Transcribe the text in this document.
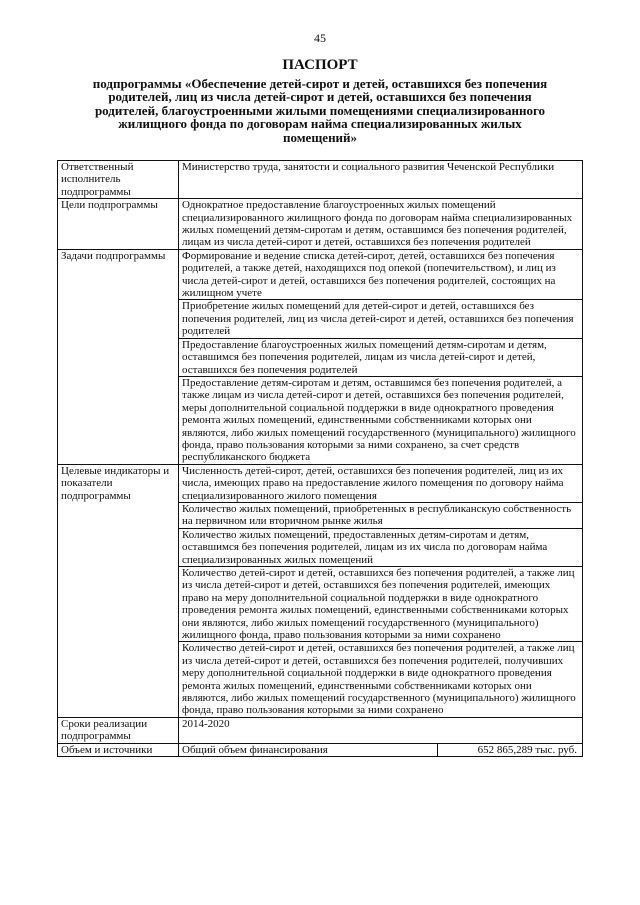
45
ПАСПОРТ
подпрограммы «Обеспечение детей-сирот и детей, оставшихся без попечения родителей, лиц из числа детей-сирот и детей, оставшихся без попечения родителей, благоустроенными жилыми помещениями специализированного жилищного фонда по договорам найма специализированных жилых помещений»
Ответственный исполнитель подпрограммы	Министерство труда, занятости и социального развития Чеченской Республики
Цели подпрограммы	Однократное предоставление благоустроенных жилых помещений специализированного жилищного фонда по договорам найма специализированных жилых помещений детям-сиротам и детям, оставшимся без попечения родителей, лицам из числа детей-сирот и детей, оставшихся без попечения родителей
Задачи подпрограммы	Формирование и ведение списка детей-сирот, детей, оставшихся без попечения родителей, а также детей, находящихся под опекой (попечительством), и лиц из числа детей-сирот и детей, оставшихся без попечения родителей, состоящих на жилищном учете
	Приобретение жилых помещений для детей-сирот и детей, оставшихся без попечения родителей, лиц из числа детей-сирот и детей, оставшихся без попечения родителей
	Предоставление благоустроенных жилых помещений детям-сиротам и детям, оставшимся без попечения родителей, лицам из числа детей-сирот и детей, оставшихся без попечения родителей
	Предоставление детям-сиротам и детям, оставшимся без попечения родителей, а также лицам из числа детей-сирот и детей, оставшихся без попечения родителей, меры дополнительной социальной поддержки в виде однократного проведения ремонта жилых помещений, единственными собственниками которых они являются, либо жилых помещений государственного (муниципального) жилищного фонда, право пользования которыми за ними сохранено, за счет средств республиканского бюджета
Целевые индикаторы и показатели подпрограммы	Численность детей-сирот, детей, оставшихся без попечения родителей, лиц из их числа, имеющих право на предоставление жилого помещения по договору найма специализированного жилого помещения
	Количество жилых помещений, приобретенных в республиканскую собственность на первичном или вторичном рынке жилья
	Количество жилых помещений, предоставленных детям-сиротам и детям, оставшимся без попечения родителей, лицам из их числа по договорам найма специализированных жилых помещений
	Количество детей-сирот и детей, оставшихся без попечения родителей, а также лиц из числа детей-сирот и детей, оставшихся без попечения родителей, имеющих право на меру дополнительной социальной поддержки в виде однократного проведения ремонта жилых помещений, единственными собственниками которых они являются, либо жилых помещений государственного (муниципального) жилищного фонда, право пользования которыми за ними сохранено
	Количество детей-сирот и детей, оставшихся без попечения родителей, а также лиц из числа детей-сирот и детей, оставшихся без попечения родителей, получивших меру дополнительной социальной поддержки в виде однократного проведения ремонта жилых помещений, единственными собственниками которых они являются, либо жилых помещений государственного (муниципального) жилищного фонда, право пользования которыми за ними сохранено
Сроки реализации подпрограммы	2014-2020
Объем и источники	Общий объем финансирования 652 865,289 тыс. руб.
